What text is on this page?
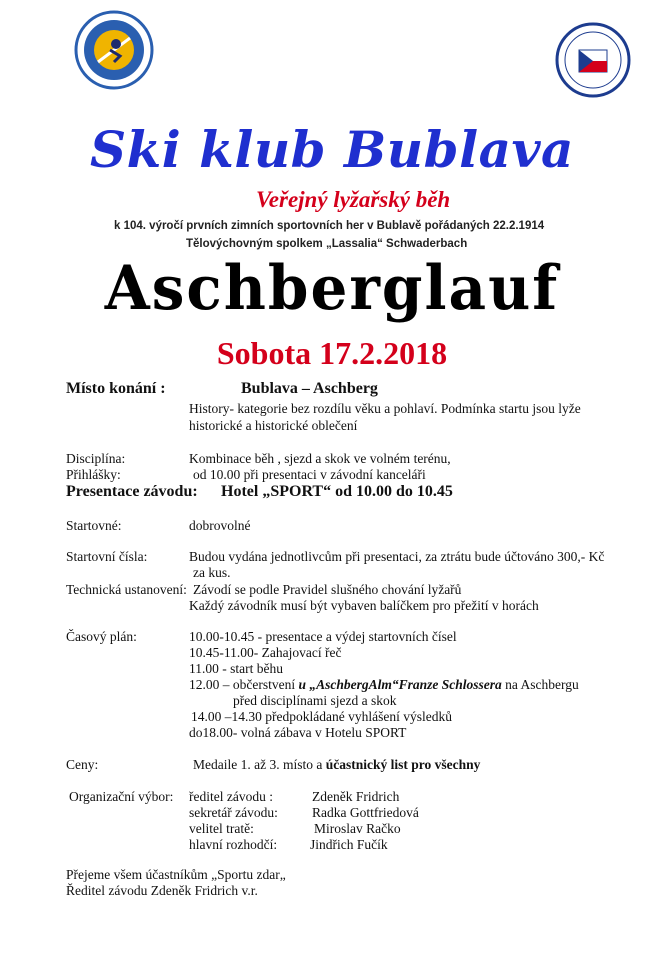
Ski klub Bublava
Veřejný lyžařský běh
k 104. výročí prvních zimních sportovních her v Bublavě pořádaných 22.2.1914
Tělovýchovným spolkem „Lassalia“ Schwaderbach
Aschberglauf
Sobota 17.2.2018
Místo konání :	Bublava – Aschberg
History- kategorie bez rozdílu věku a pohlaví. Podmínka startu jsou lyže
historické a historické oblečení
Disciplína:	Kombinace běh , sjezd a skok ve volném terénu,
Přihlášky:	od 10.00 při presentaci v závodní kanceláři
Presentace závodu: Hotel „SPORT“ od 10.00 do 10.45
Startovné:	dobrovolné
Startovní čísla:	Budou vydána jednotlivcům při presentaci, za ztrátu bude účtováno 300,- Kč
za kus.
Technická ustanovení: Závodí se podle Pravidel slušného chování lyžařů
Každý závodník musí být vybaven balíčkem pro přežití v horách
Časový plán:	10.00-10.45 - presentace a výdej startovních čísel
10.45-11.00- Zahajovací řeč
11.00 - start běhu
12.00 – občerstvení u „AschbergAlm“Franze Schlossera na Aschbergu
před disciplínami sjezd a skok
14.00 –14.30 předpokládané vyhlášení výsledků
do18.00- volná zábava v Hotelu SPORT
Ceny:	Medaile 1. až 3. místo a účastnický list pro všechny
Organizační výbor: ředitel závodu :	Zdeněk Fridrich
sekretář závodu:	Radka Gottfriedová
velitel tratě:	Miroslav Račko
hlavní rozhodčí: Jindřich Fučík
Přejeme všem účastníkům „Sportu zdar„
Ředitel závodu Zdeněk Fridrich v.r.
